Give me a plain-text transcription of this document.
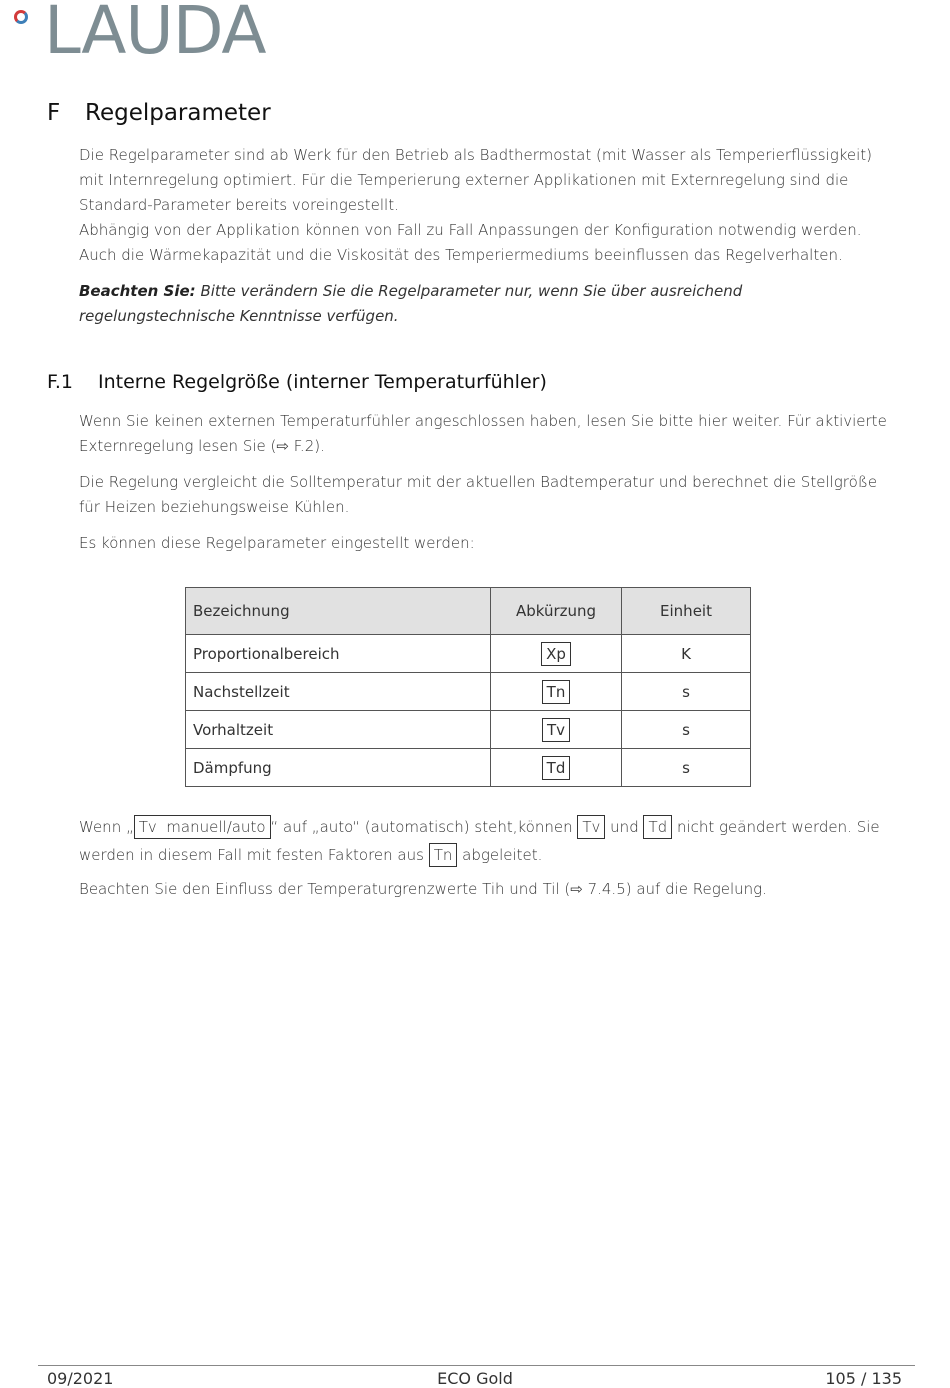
LAUDA
F Regelparameter

Die Regelparameter sind ab Werk für den Betrieb als Badthermostat (mit Wasser als Temperierflüssigkeit) mit Internregelung optimiert. Für die Temperierung externer Applikationen mit Externregelung sind die Standard-Parameter bereits voreingestellt.

Abhängig von der Applikation können von Fall zu Fall Anpassungen der Konfiguration notwendig werden. Auch die Wärmekapazität und die Viskosität des Temperiermediums beeinflussen das Regelverhalten.

Beachten Sie: Bitte verändern Sie die Regelparameter nur, wenn Sie über ausreichend regelungstechnische Kenntnisse verfügen.

F.1 Interne Regelgröße (interner Temperaturfühler)

Wenn Sie keinen externen Temperaturfühler angeschlossen haben, lesen Sie bitte hier weiter. Für aktivierte Externregelung lesen Sie (⇨ F.2).

Die Regelung vergleicht die Solltemperatur mit der aktuellen Badtemperatur und berechnet die Stellgröße für Heizen beziehungsweise Kühlen.

Es können diese Regelparameter eingestellt werden:

Bezeichnung	Abkürzung	Einheit
Proportionalbereich	Xp	K
Nachstellzeit	Tn	s
Vorhaltzeit	Tv	s
Dämpfung	Td	s

Wenn „ Tv  manuell/auto “ auf „auto“ (automatisch) steht,können Tv und Td nicht geändert werden. Sie werden in diesem Fall mit festen Faktoren aus Tn abgeleitet.

Beachten Sie den Einfluss der Temperaturgrenzwerte Tih und Til (⇨ 7.4.5) auf die Regelung.

09/2021	ECO Gold	105 / 135
